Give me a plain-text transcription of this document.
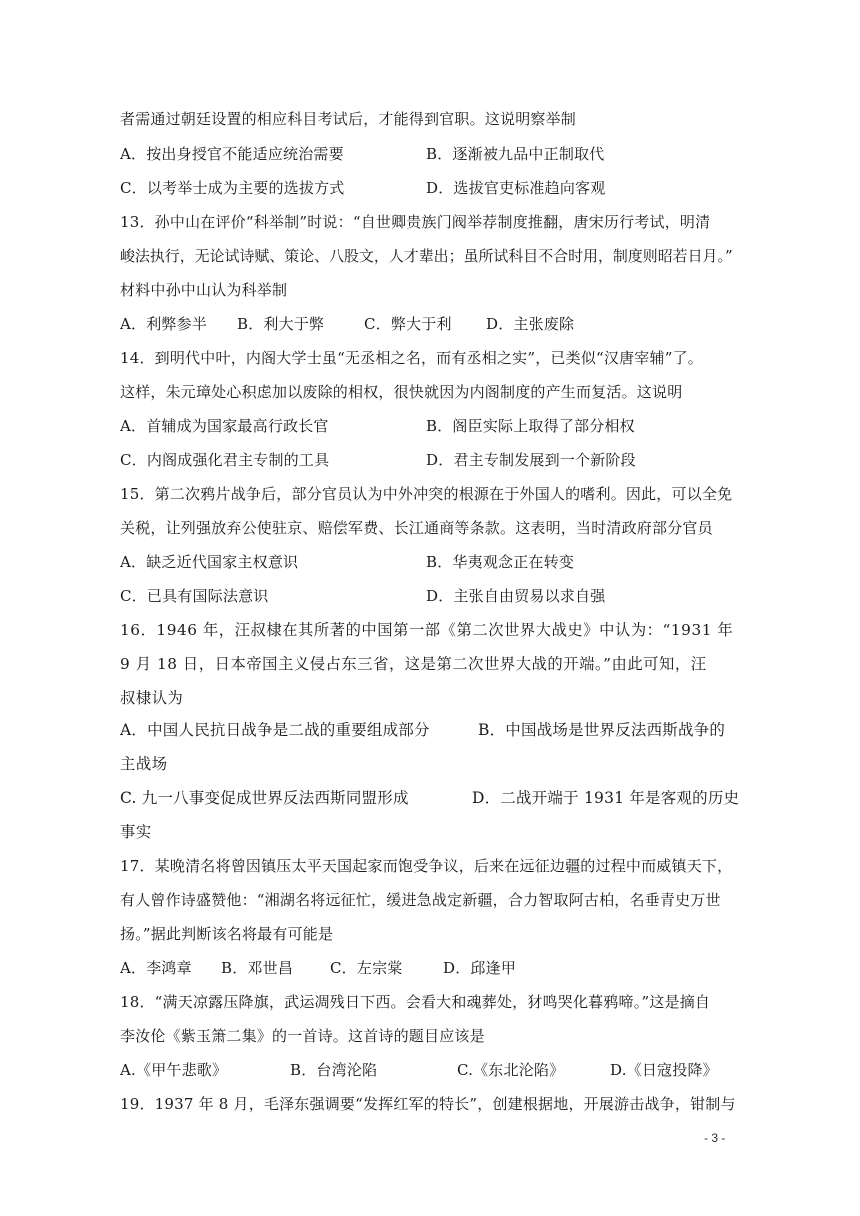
者需通过朝廷设置的相应科目考试后，才能得到官职。这说明察举制
A．按出身授官不能适应统治需要	B．逐渐被九品中正制取代
C．以考举士成为主要的选拔方式	D．选拔官吏标准趋向客观
13．孙中山在评价“科举制”时说：“自世卿贵族门阀举荐制度推翻，唐宋历行考试，明清
峻法执行，无论试诗赋、策论、八股文，人才辈出；虽所试科目不合时用，制度则昭若日月。”
材料中孙中山认为科举制
A．利弊参半 B．利大于弊	C．弊大于利 D．主张废除
14．到明代中叶，内阁大学士虽“无丞相之名，而有丞相之实”，已类似“汉唐宰辅”了。
这样，朱元璋处心积虑加以废除的相权，很快就因为内阁制度的产生而复活。这说明
A．首辅成为国家最高行政长官	B．阁臣实际上取得了部分相权
C．内阁成强化君主专制的工具	D．君主专制发展到一个新阶段
15．第二次鸦片战争后，部分官员认为中外冲突的根源在于外国人的嗜利。因此，可以全免
关税，让列强放弃公使驻京、赔偿军费、长江通商等条款。这表明，当时清政府部分官员
A．缺乏近代国家主权意识	B．华夷观念正在转变
C．已具有国际法意识	D．主张自由贸易以求自强
16．1946 年，汪叔棣在其所著的中国第一部《第二次世界大战史》中认为：“1931 年
9 月 18 日，日本帝国主义侵占东三省，这是第二次世界大战的开端。”由此可知，汪
叔棣认为
A．中国人民抗日战争是二战的重要组成部分	B．中国战场是世界反法西斯战争的
主战场
C. 九一八事变促成世界反法西斯同盟形成	D．二战开端于 1931 年是客观的历史
事实
17．某晚清名将曾因镇压太平天国起家而饱受争议，后来在远征边疆的过程中而威镇天下，
有人曾作诗盛赞他：“湘湖名将远征忙，缓进急战定新疆，合力智取阿古柏，名垂青史万世
扬。”据此判断该名将最有可能是
A．李鸿章 B．邓世昌 C．左宗棠	D．邱逢甲
18．“满天凉露压降旗，武运凋残日下西。会看大和魂葬处，犲鸣哭化暮鸦啼。”这是摘自
李汝伦《紫玉箫二集》的一首诗。这首诗的题目应该是
A.《甲午悲歌》	B．台湾沦陷	C.《东北沦陷》	D.《日寇投降》
19．1937 年 8 月，毛泽东强调要“发挥红军的特长”，创建根据地，开展游击战争，钳制与
- 3 -
